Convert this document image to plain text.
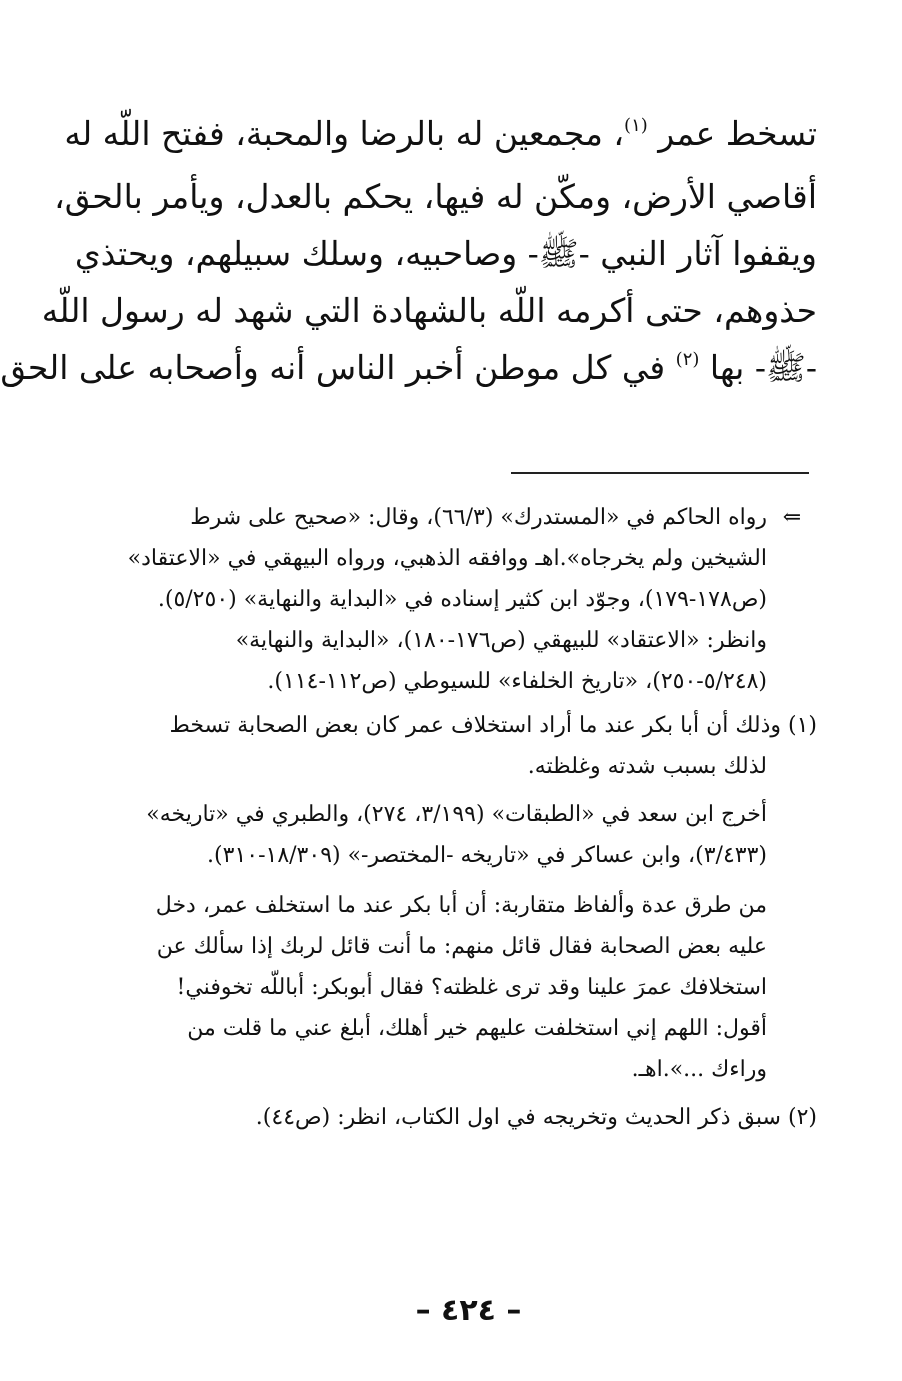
تسخط عمر $^{(١)}$، مجمعين له بالرضا والمحبة، ففتح اللّه له
أقاصي الأرض، ومكّن له فيها، يحكم بالعدل، ويأمر بالحق،
ويقفوا آثار النبي -ﷺ- وصاحبيه، وسلك سبيلهم، ويحتذي
حذوهم، حتى أكرمه اللّه بالشهادة التي شهد له رسول اللّه
-ﷺ- بها $^{(٢)}$ في كل موطن أخبر الناس أنه وأصحابه على الحق
⇐رواه الحاكم في «المستدرك» (٦٦/٣)، وقال: «صحيح على شرط
الشيخين ولم يخرجاه».اهـ ووافقه الذهبي، ورواه البيهقي في «الاعتقاد»
(ص١٧٨-١٧٩)، وجوّد ابن كثير إسناده في «البداية والنهاية» (٥/٢٥٠).
وانظر: «الاعتقاد» للبيهقي (ص١٧٦-١٨٠)، «البداية والنهاية»
(٥/٢٤٨-٢٥٠)، «تاريخ الخلفاء» للسيوطي (ص١١٢-١١٤).
(١) وذلك أن أبا بكر عند ما أراد استخلاف عمر كان بعض الصحابة تسخط
لذلك بسبب شدته وغلظته.
أخرج ابن سعد في «الطبقات» (٣/١٩٩، ٢٧٤)، والطبري في «تاريخه»
(٣/٤٣٣)، وابن عساكر في «تاريخه -المختصر-» (١٨/٣٠٩-٣١٠).
من طرق عدة وألفاظ متقاربة: أن أبا بكر عند ما استخلف عمر، دخل
عليه بعض الصحابة فقال قائل منهم: ما أنت قائل لربك إذا سألك عن
استخلافك عمرَ علينا وقد ترى غلظته؟ فقال أبوبكر: أباللّه تخوفني!
أقول: اللهم إني استخلفت عليهم خير أهلك، أبلغ عني ما قلت من
وراءك ...».اهـ.
(٢) سبق ذكر الحديث وتخريجه في اول الكتاب، انظر: (ص٤٤).
– ٤٢٤ –
